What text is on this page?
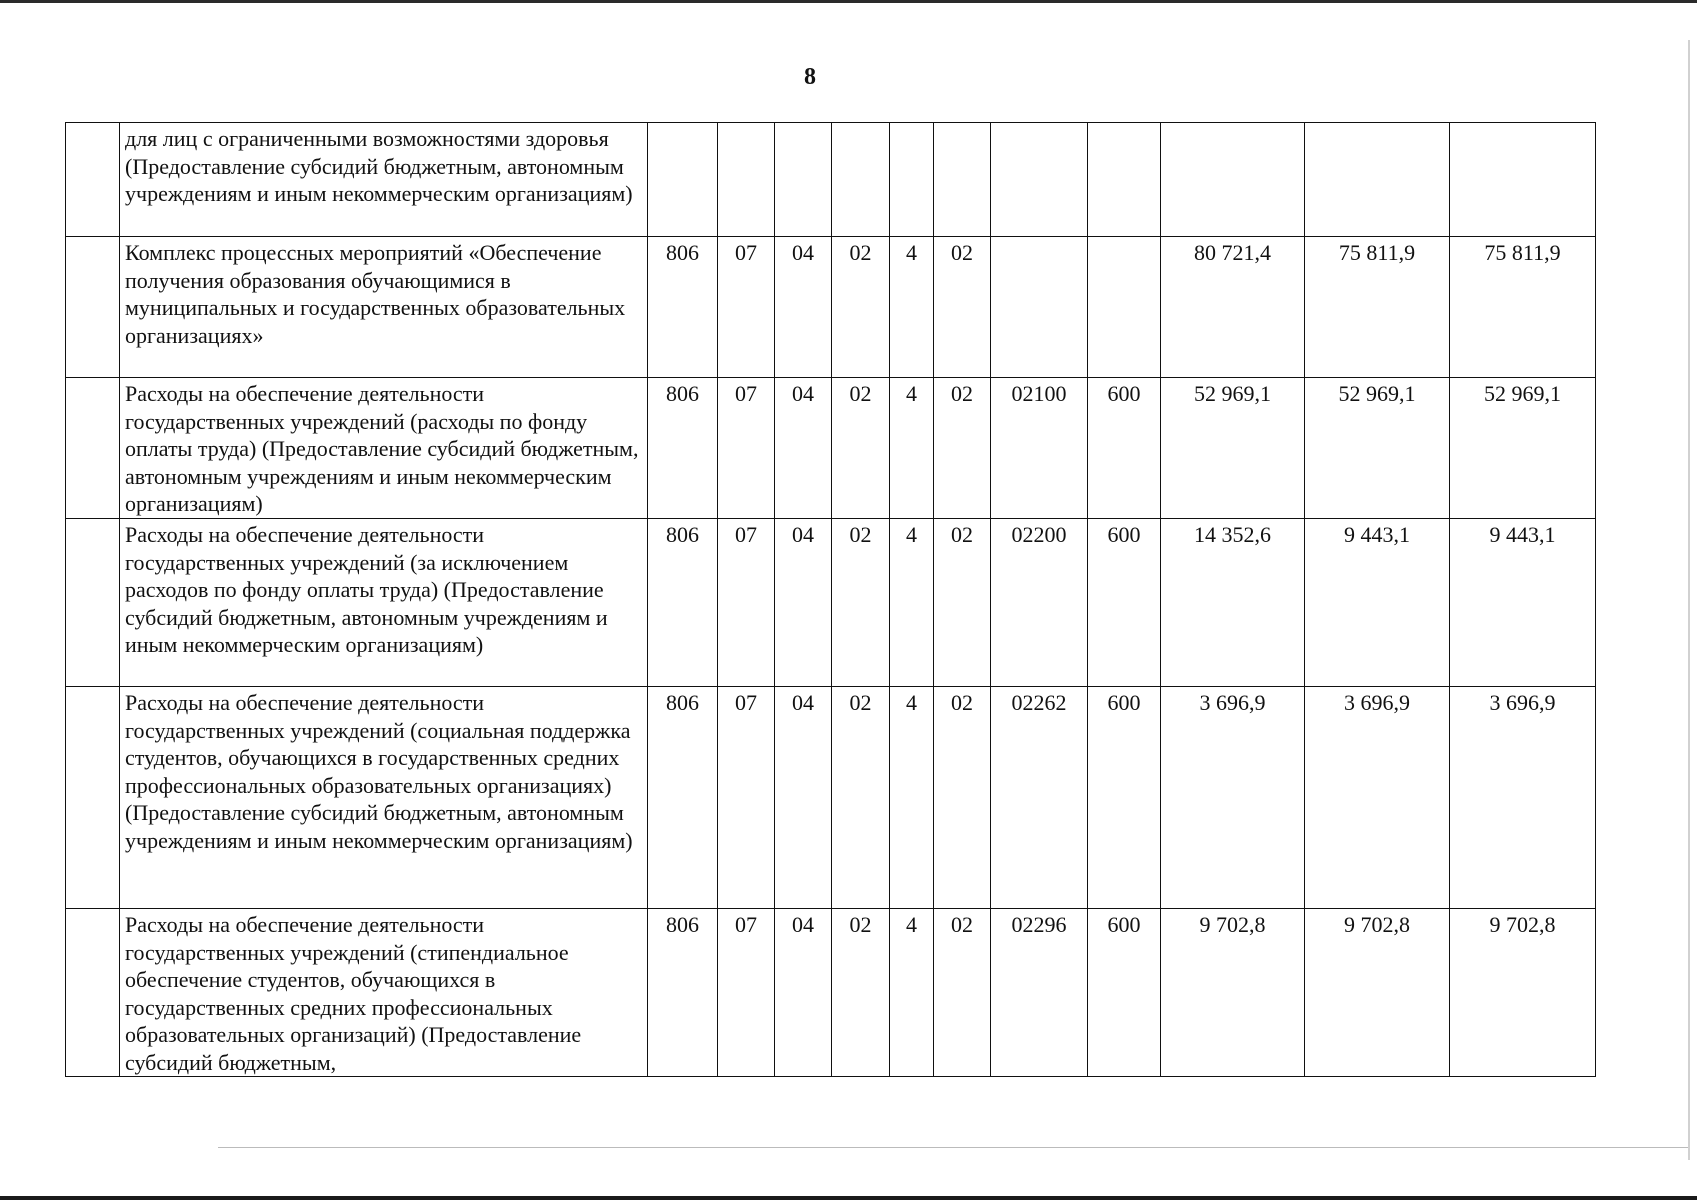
8
	для лиц с ограниченными возможностями здоровья (Предоставление субсидий бюджетным, автономным учреждениям и иным некоммерческим организациям)											
	Комплекс процессных мероприятий «Обеспечение получения образования обучающимися в муниципальных и государственных образовательных организациях»	806	07	04	02	4	02			80 721,4	75 811,9	75 811,9
	Расходы на обеспечение деятельности государственных учреждений (расходы по фонду оплаты труда) (Предоставление субсидий бюджетным, автономным учреждениям и иным некоммерческим организациям)	806	07	04	02	4	02	02100	600	52 969,1	52 969,1	52 969,1
	Расходы на обеспечение деятельности государственных учреждений (за исключением расходов по фонду оплаты труда) (Предоставление субсидий бюджетным, автономным учреждениям и иным некоммерческим организациям)	806	07	04	02	4	02	02200	600	14 352,6	9 443,1	9 443,1
	Расходы на обеспечение деятельности государственных учреждений (социальная поддержка студентов, обучающихся в государственных средних профессиональных образовательных организациях) (Предоставление субсидий бюджетным, автономным учреждениям и иным некоммерческим организациям)	806	07	04	02	4	02	02262	600	3 696,9	3 696,9	3 696,9
	Расходы на обеспечение деятельности государственных учреждений (стипендиальное обеспечение студентов, обучающихся в государственных средних профессиональных образовательных организаций) (Предоставление субсидий бюджетным,	806	07	04	02	4	02	02296	600	9 702,8	9 702,8	9 702,8
